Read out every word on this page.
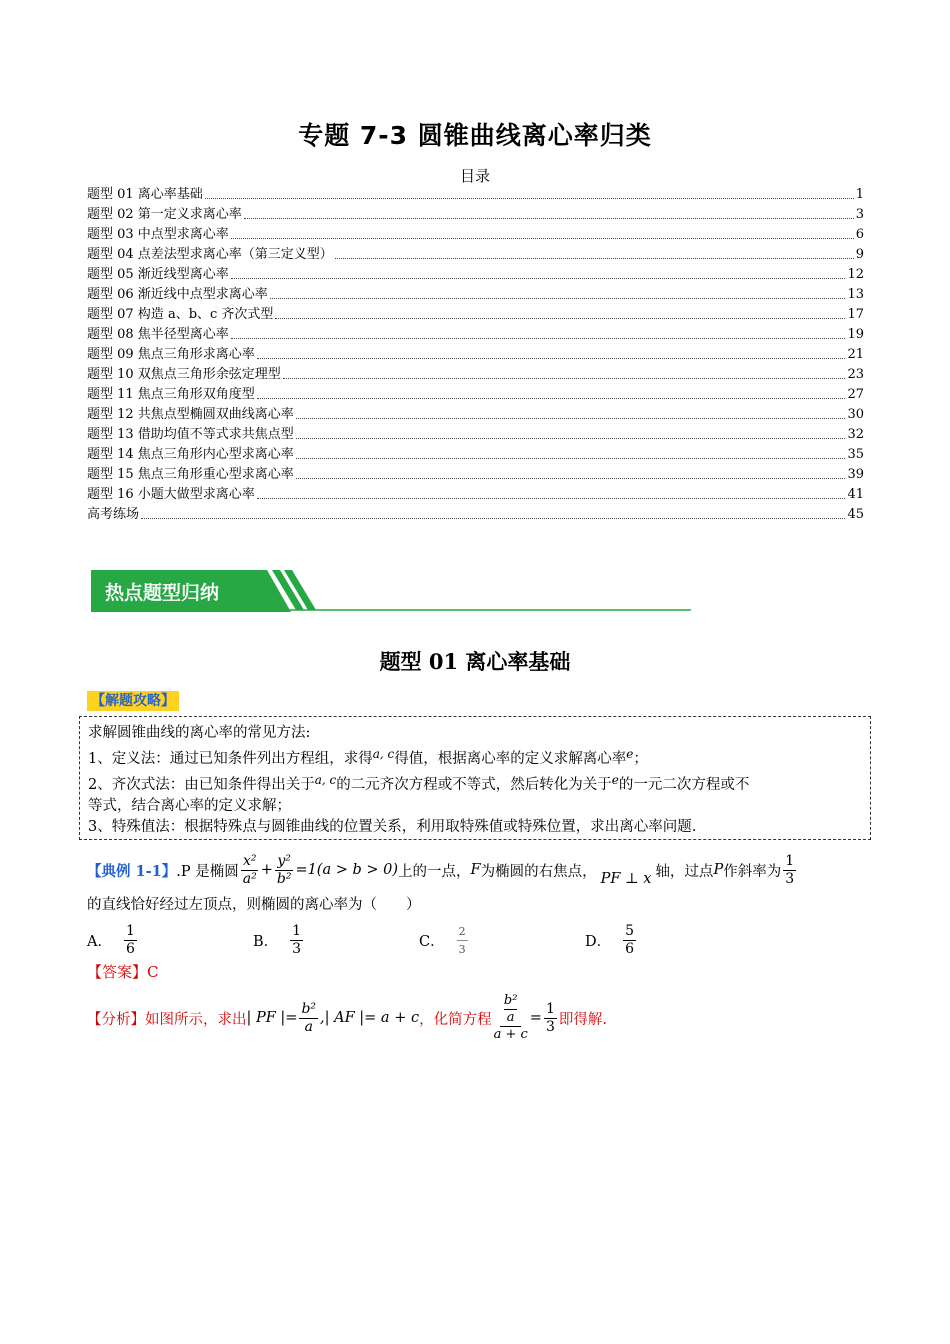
专题 7-3 圆锥曲线离心率归类
目录
题型 01 离心率基础	1
题型 02 第一定义求离心率	3
题型 03 中点型求离心率	6
题型 04 点差法型求离心率（第三定义型）	9
题型 05 渐近线型离心率	12
题型 06 渐近线中点型求离心率	13
题型 07 构造 a、b、c 齐次式型	17
题型 08 焦半径型离心率	19
题型 09 焦点三角形求离心率	21
题型 10 双焦点三角形余弦定理型	23
题型 11 焦点三角形双角度型	27
题型 12 共焦点型椭圆双曲线离心率	30
题型 13 借助均值不等式求共焦点型	32
题型 14 焦点三角形内心型求离心率	35
题型 15 焦点三角形重心型求离心率	39
题型 16 小题大做型求离心率	41
高考练场	45
热点题型归纳
题型 01 离心率基础
【解题攻略】
求解圆锥曲线的离心率的常见方法:
1、定义法：通过已知条件列出方程组，求得$^{a, c}$得值，根据离心率的定义求解离心率$^e$；
2、齐次式法：由已知条件得出关于$^{a, c}$的二元齐次方程或不等式，然后转化为关于$^e$的一元二次方程或不
等式，结合离心率的定义求解；
3、特殊值法：根据特殊点与圆锥曲线的位置关系，利用取特殊值或特殊位置，求出离心率问题.
【典例 1-1】 .P 是椭圆 $\frac{\text{x²}}{\text{a²}} + \frac{\text{y²}}{\text{b²}} =1(a > b > 0)$ 上的一点， F 为椭圆的右焦点， PF ⊥ x 轴，过点 P 作斜率为 $\frac{1}{3}$
的直线恰好经过左顶点，则椭圆的离心率为（　　）
A． $\frac{1}{6}$	B． $\frac{1}{3}$	C． $\frac{2}{3}$	D． $\frac{5}{6}$
【答案】C
【分析】 如图所示，求出 | PF |= $\frac{\text{b²}}{a}$ ,| AF |= a + c ，化简方程 $\frac{\frac{\text{b²}}{a}}{a + c} = \frac{1}{3}$ 即得解.
